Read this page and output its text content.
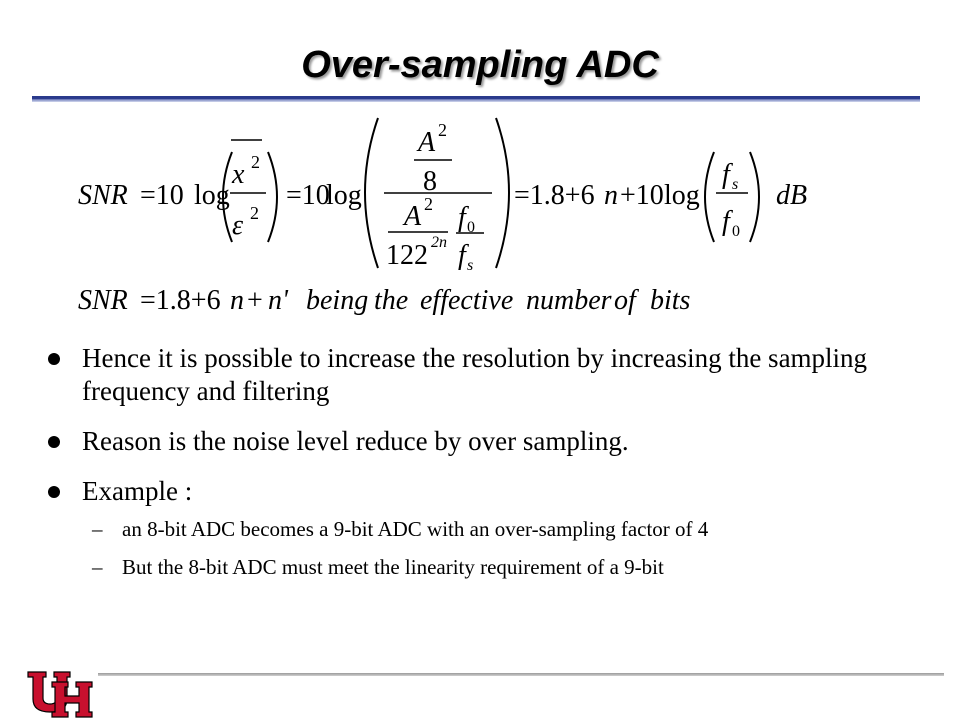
Over-sampling ADC
SNR =10 log
x 2
ε 2
=10
log
A 2
8
A 2
12 2 2n
f 0
f s
=1.8+6 n +10 log
f s
f 0
dB
SNR =1.8+6 n + n' being the effective number of bits
Hence it is possible to increase the resolution by increasing the sampling frequency and filtering
Reason is the noise level reduce by over sampling.
Example :
– an 8-bit ADC becomes a 9-bit ADC with an over-sampling factor of 4
– But the 8-bit ADC must meet the linearity requirement of a 9-bit
